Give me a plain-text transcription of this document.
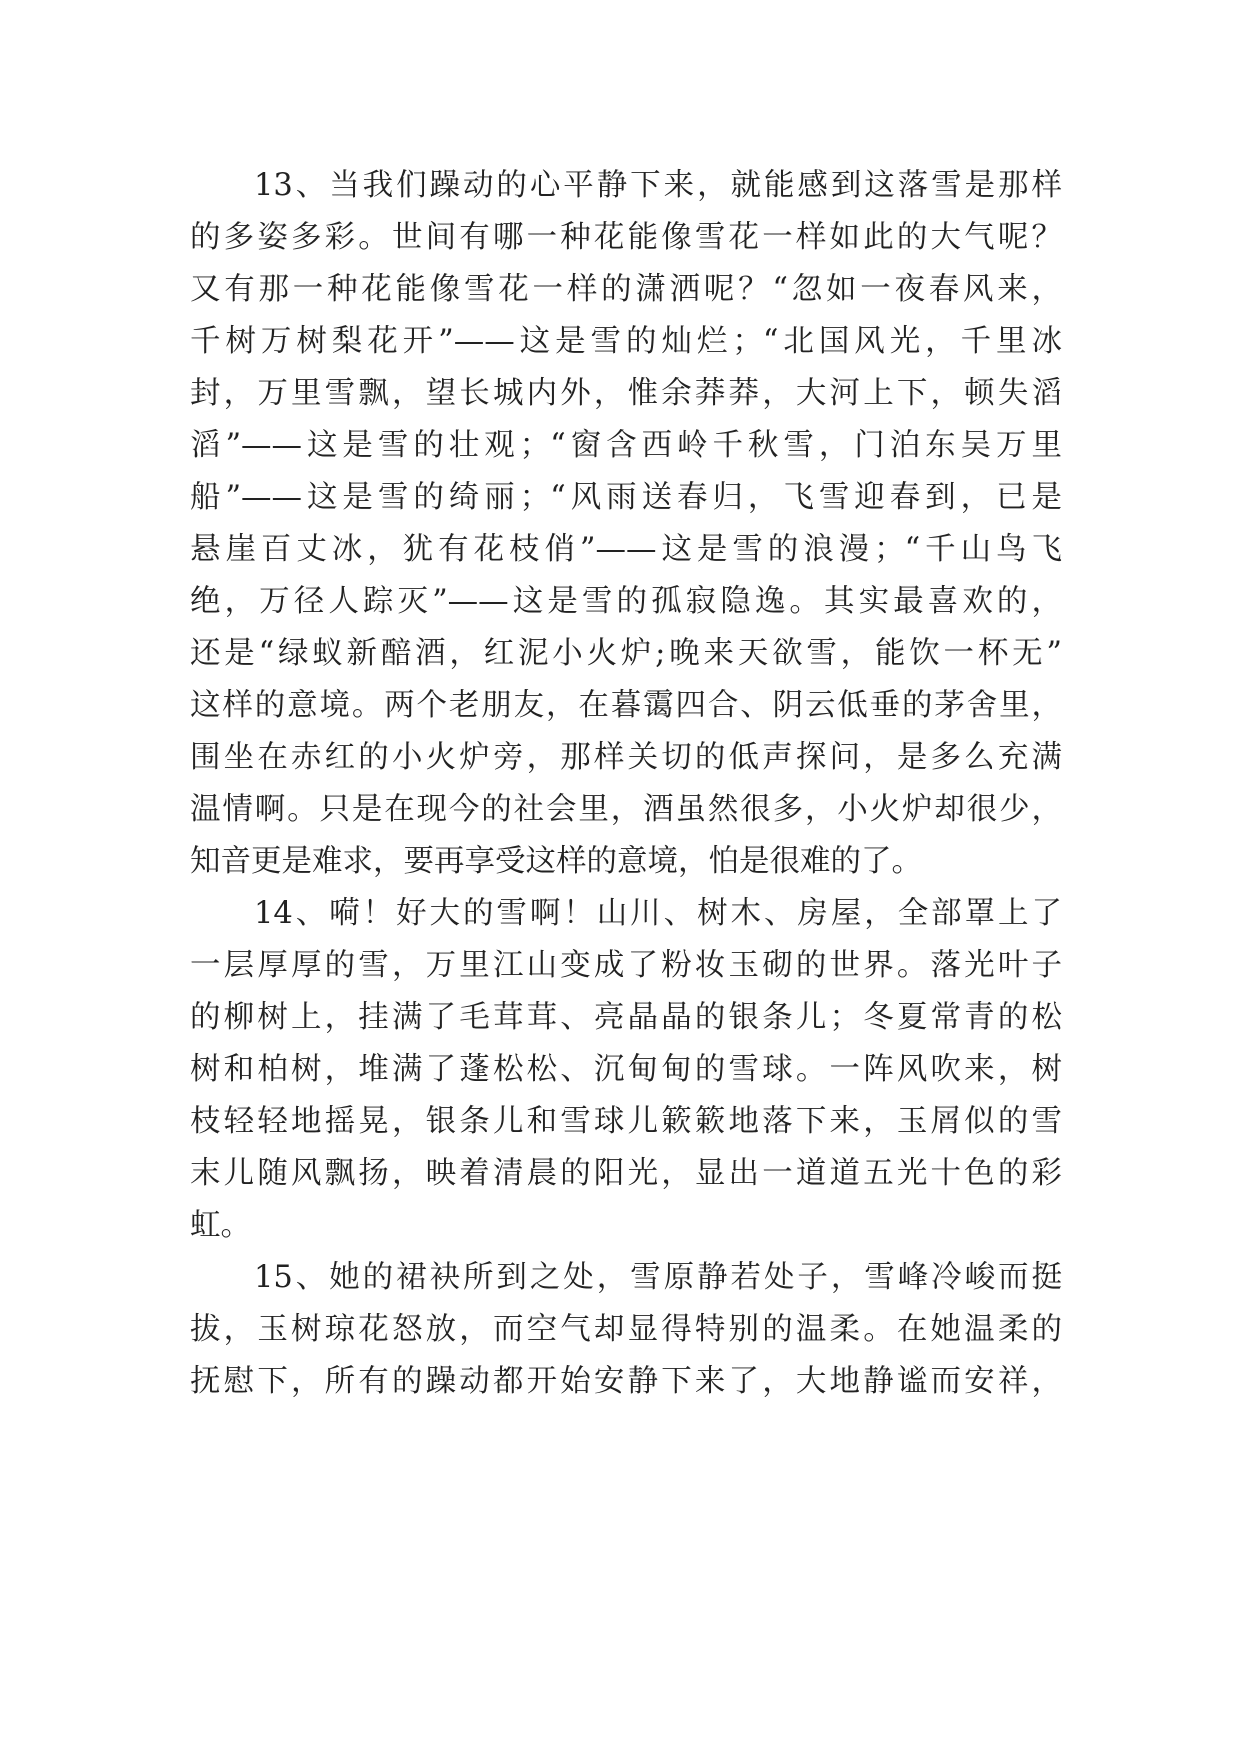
13、当我们躁动的心平静下来，就能感到这落雪是那样
的多姿多彩。世间有哪一种花能像雪花一样如此的大气呢？
又有那一种花能像雪花一样的潇洒呢？“忽如一夜春风来，
千树万树梨花开”——这是雪的灿烂；“北国风光，千里冰
封，万里雪飘，望长城内外，惟余莽莽，大河上下，顿失滔
滔”——这是雪的壮观；“窗含西岭千秋雪，门泊东吴万里
船”——这是雪的绮丽；“风雨送春归，飞雪迎春到，已是
悬崖百丈冰，犹有花枝俏”——这是雪的浪漫；“千山鸟飞
绝，万径人踪灭”——这是雪的孤寂隐逸。其实最喜欢的，
还是“绿蚁新醅酒，红泥小火炉;晚来天欲雪，能饮一杯无”
这样的意境。两个老朋友，在暮霭四合、阴云低垂的茅舍里，
围坐在赤红的小火炉旁，那样关切的低声探问，是多么充满
温情啊。只是在现今的社会里，酒虽然很多，小火炉却很少，
知音更是难求，要再享受这样的意境，怕是很难的了。
14、嗬！好大的雪啊！山川、树木、房屋，全部罩上了
一层厚厚的雪，万里江山变成了粉妆玉砌的世界。落光叶子
的柳树上，挂满了毛茸茸、亮晶晶的银条儿；冬夏常青的松
树和柏树，堆满了蓬松松、沉甸甸的雪球。一阵风吹来，树
枝轻轻地摇晃，银条儿和雪球儿簌簌地落下来，玉屑似的雪
末儿随风飘扬，映着清晨的阳光，显出一道道五光十色的彩
虹。
15、她的裙袂所到之处，雪原静若处子，雪峰冷峻而挺
拔，玉树琼花怒放，而空气却显得特别的温柔。在她温柔的
抚慰下，所有的躁动都开始安静下来了，大地静谧而安祥，
